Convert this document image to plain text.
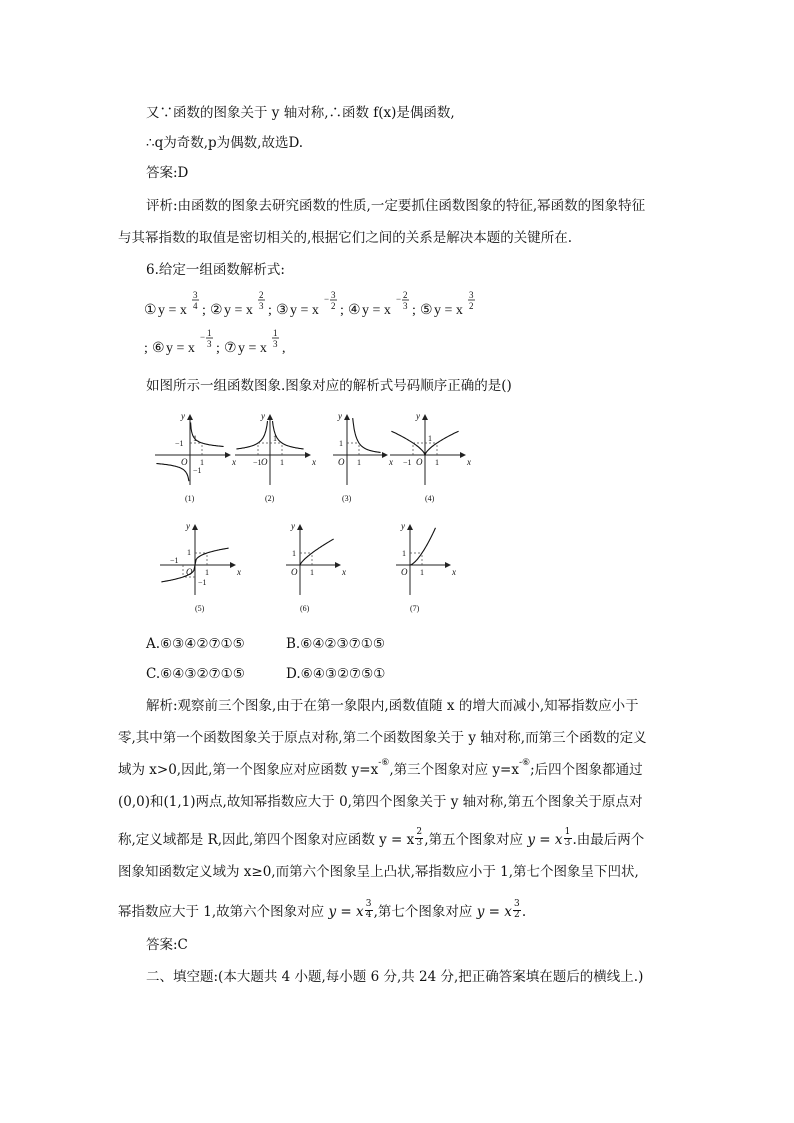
又∵函数的图象关于 y 轴对称,∴函数 f(x)是偶函数,
∴q为奇数,p为偶数,故选D.
答案:D
评析:由函数的图象去研究函数的性质,一定要抓住函数图象的特征,幂函数的图象特征
与其幂指数的取值是密切相关的,根据它们之间的关系是解决本题的关键所在.
6.给定一组函数解析式:
① y = x
3
4 ; ② y = x
2
3 ; ③ y = x
− 3
2 ; ④ y = x
− 2
3 ; ⑤ y = x
3
2
; ⑥ y = x
− 1
3 ; ⑦ y = x
1
3 ,
如图所示一组函数图象.图象对应的解析式号码顺序正确的是()
x
y
O 1
−1
−1
1
(1)
x
y
O 1
−1
1
(2)
x
y
O 1
1
(3)
x
y
O 1
−1
1
(4)
x
y
O 1
−1
−1
1
(5)
x
y
O 1
1
(6)
x
y
O 1
1
(7)
A.⑥③④②⑦①⑤	B.⑥④②③⑦①⑤
C.⑥④③②⑦①⑤	D.⑥④③②⑦⑤①
解析:观察前三个图象,由于在第一象限内,函数值随 x 的增大而减小,知幂指数应小于
零,其中第一个函数图象关于原点对称,第二个函数图象关于 y 轴对称,而第三个函数的定义
域为 x>0,因此,第一个图象应对应函数 y=x-⑥,第三个图象对应 y=x-⑥;后四个图象都通过
(0,0)和(1,1)两点,故知幂指数应大于 0,第四个图象关于 y 轴对称,第五个图象关于原点对
称,定义域都是 R,因此,第四个图象对应函数 y = x 2

3 ,第五个图象对应 y = x 1

3 .由最后两个
图象知函数定义域为 x≥0,而第六个图象呈上凸状,幂指数应小于 1,第七个图象呈下凹状,
幂指数应大于 1,故第六个图象对应 y = x 3

4 ,第七个图象对应 y = x 3

2 .
答案:C
二、填空题:(本大题共 4 小题,每小题 6 分,共 24 分,把正确答案填在题后的横线上.)
